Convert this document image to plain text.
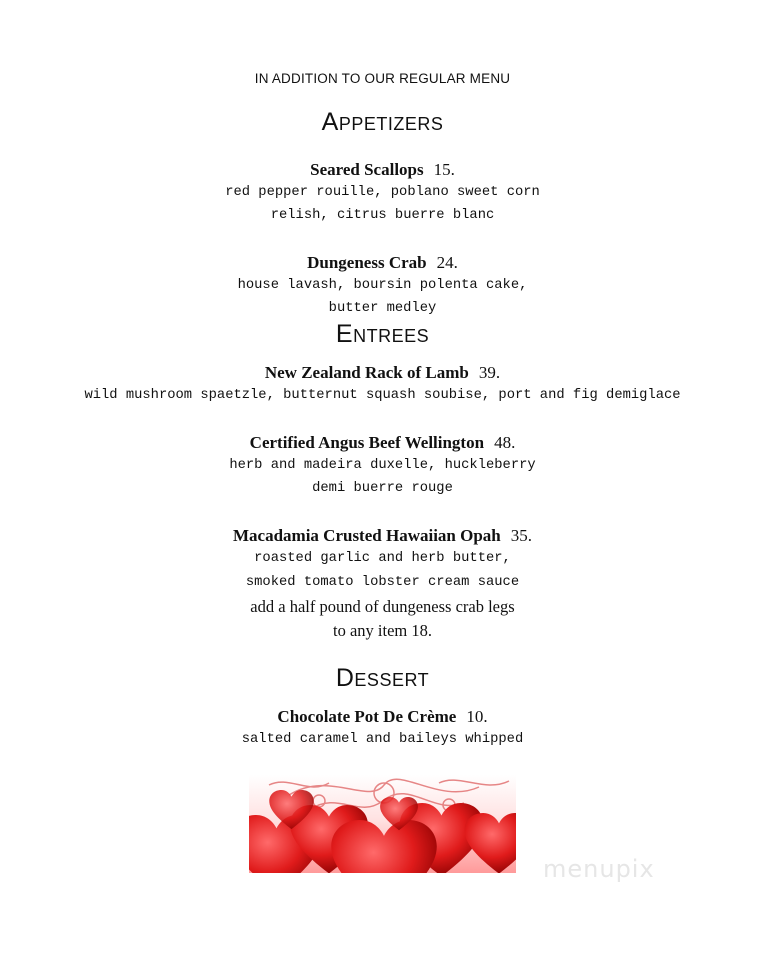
IN ADDITION TO OUR REGULAR MENU
Appetizers
Seared Scallops 15.
red pepper rouille, poblano sweet corn
relish, citrus buerre blanc
Dungeness Crab 24.
house lavash, boursin polenta cake,
butter medley
Entrees
New Zealand Rack of Lamb 39.
wild mushroom spaetzle, butternut squash soubise, port and fig demiglace
Certified Angus Beef Wellington 48.
herb and madeira duxelle, huckleberry
demi buerre rouge
Macadamia Crusted Hawaiian Opah 35.
roasted garlic and herb butter,
smoked tomato lobster cream sauce
add a half pound of dungeness crab legs
to any item 18.
Dessert
Chocolate Pot De Crème 10.
salted caramel and baileys whipped
menupix
